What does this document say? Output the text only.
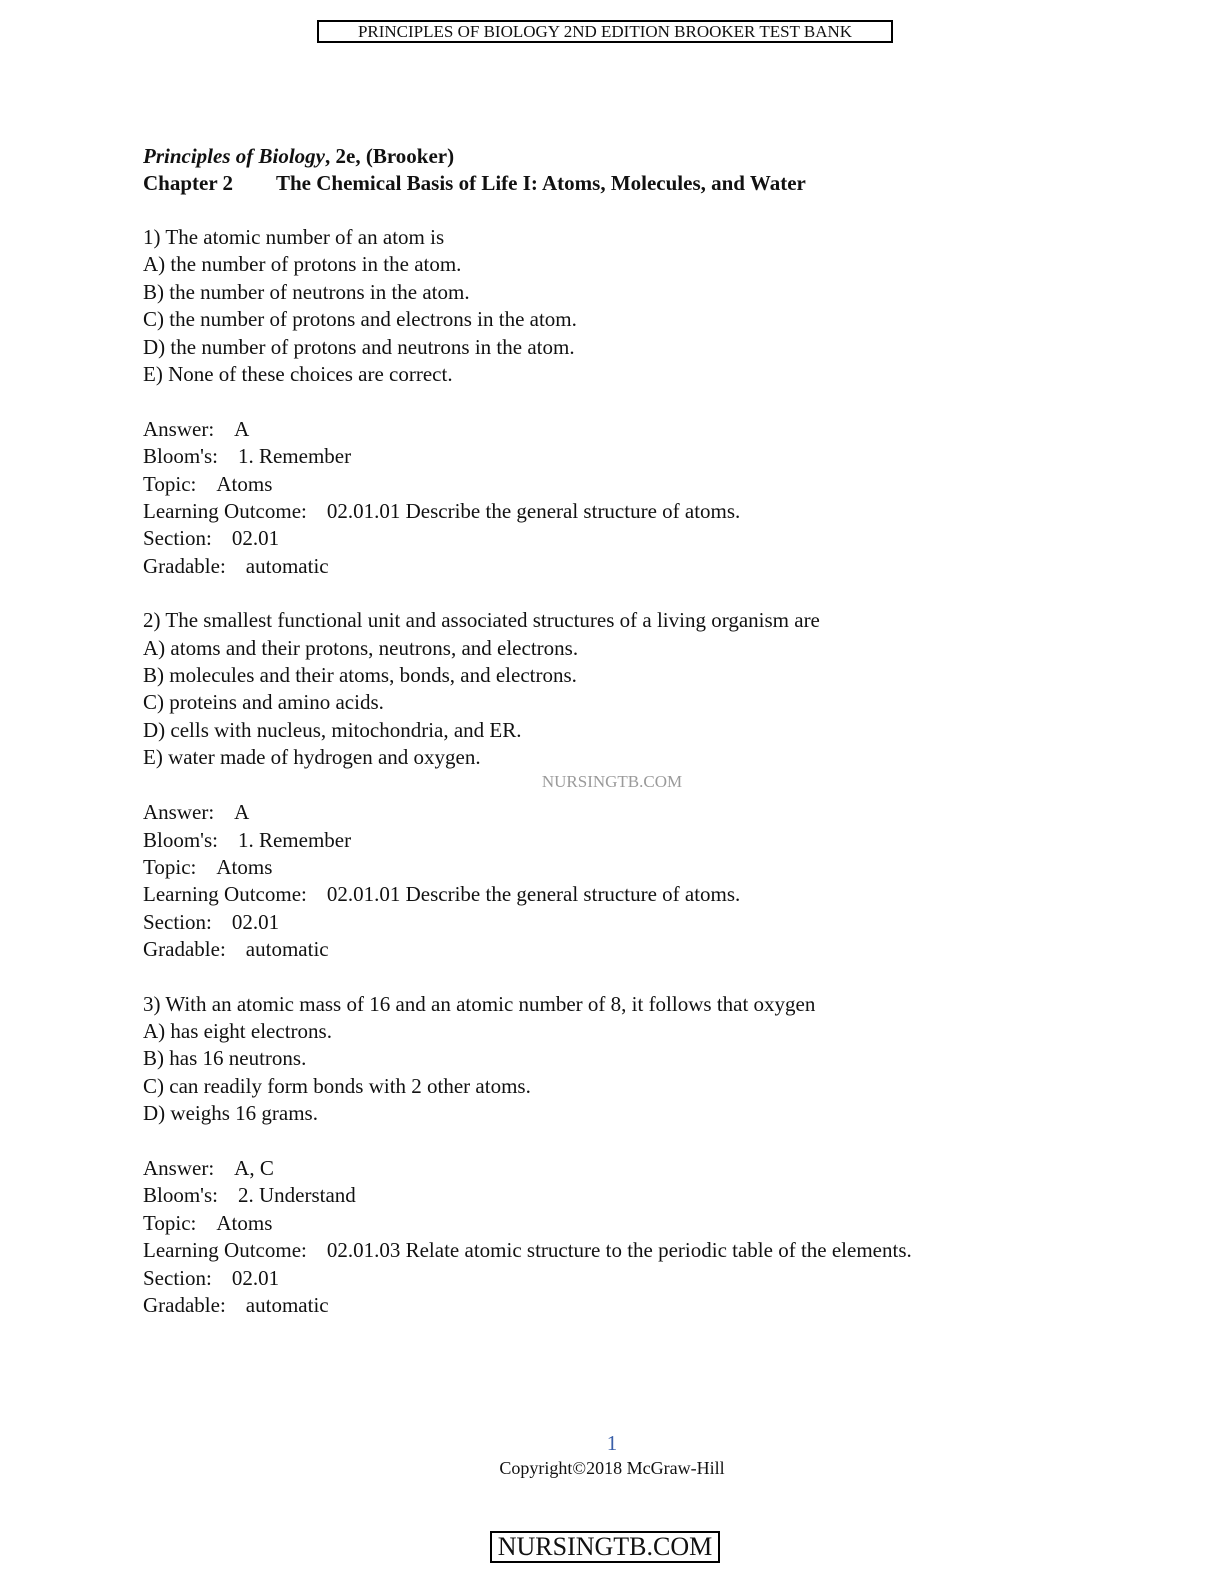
PRINCIPLES OF BIOLOGY 2ND EDITION BROOKER TEST BANK

Principles of Biology, 2e, (Brooker)

Chapter 2 The Chemical Basis of Life I: Atoms, Molecules, and Water

1) The atomic number of an atom is
A) the number of protons in the atom.
B) the number of neutrons in the atom.
C) the number of protons and electrons in the atom.
D) the number of protons and neutrons in the atom.
E) None of these choices are correct.
Answer: A
Bloom's: 1. Remember
Topic: Atoms
Learning Outcome: 02.01.01 Describe the general structure of atoms.
Section: 02.01
Gradable: automatic
2) The smallest functional unit and associated structures of a living organism are
A) atoms and their protons, neutrons, and electrons.
B) molecules and their atoms, bonds, and electrons.
C) proteins and amino acids.
D) cells with nucleus, mitochondria, and ER.
E) water made of hydrogen and oxygen.
Answer: A
Bloom's: 1. Remember
Topic: Atoms
Learning Outcome: 02.01.01 Describe the general structure of atoms.
Section: 02.01
Gradable: automatic
3) With an atomic mass of 16 and an atomic number of 8, it follows that oxygen
A) has eight electrons.
B) has 16 neutrons.
C) can readily form bonds with 2 other atoms.
D) weighs 16 grams.
Answer: A, C
Bloom's: 2. Understand
Topic: Atoms
Learning Outcome: 02.01.03 Relate atomic structure to the periodic table of the elements.
Section: 02.01
Gradable: automatic
NURSINGTB.COM
1
Copyright©2018 McGraw-Hill
NURSINGTB.COM
